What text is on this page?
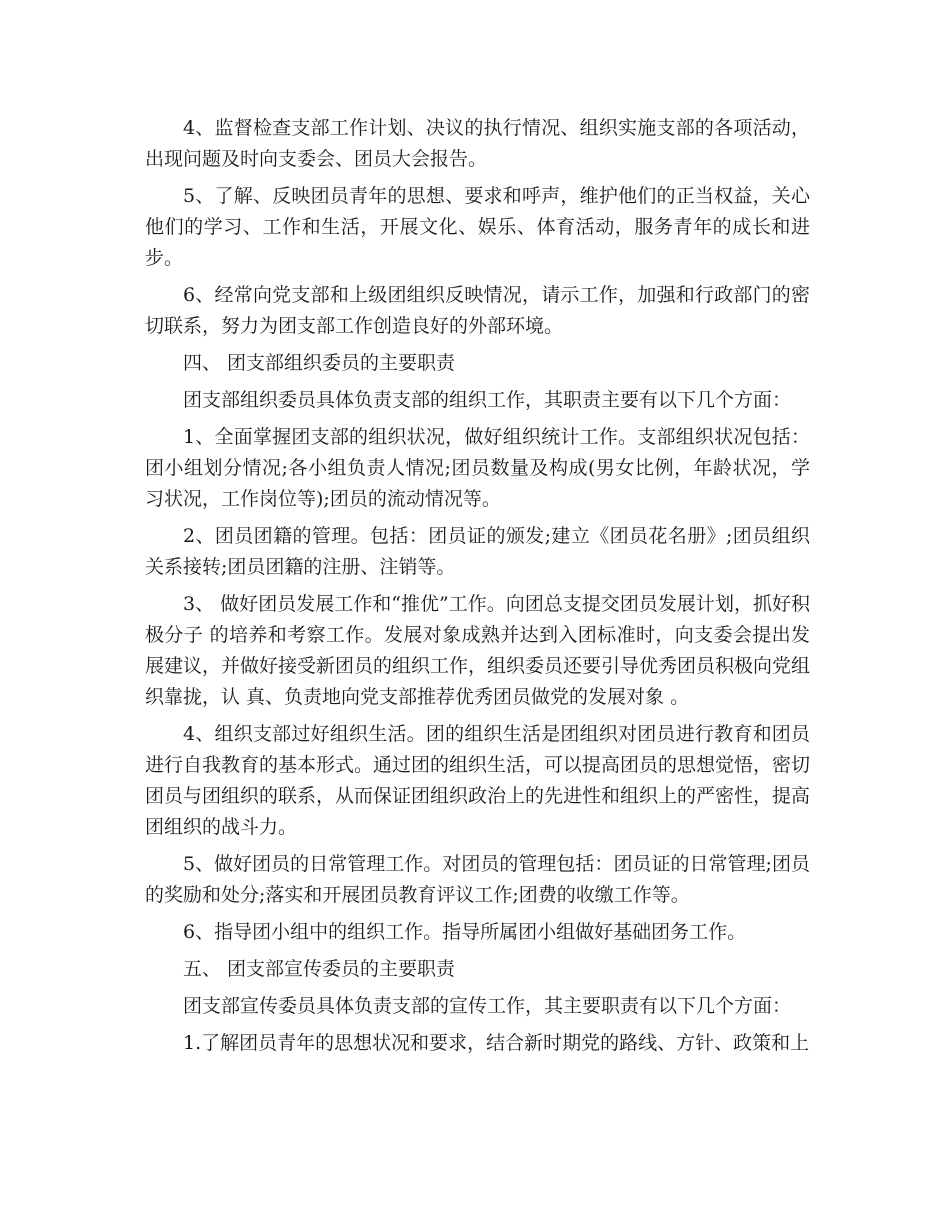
4、监督检查支部工作计划、决议的执行情况、组织实施支部的各项活动，出现问题及时向支委会、团员大会报告。

5、了解、反映团员青年的思想、要求和呼声，维护他们的正当权益，关心他们的学习、工作和生活，开展文化、娱乐、体育活动，服务青年的成长和进步。

6、经常向党支部和上级团组织反映情况，请示工作，加强和行政部门的密切联系，努力为团支部工作创造良好的外部环境。

四、 团支部组织委员的主要职责

团支部组织委员具体负责支部的组织工作，其职责主要有以下几个方面：

1、全面掌握团支部的组织状况，做好组织统计工作。支部组织状况包括：团小组划分情况;各小组负责人情况;团员数量及构成(男女比例，年龄状况，学习状况，工作岗位等);团员的流动情况等。

2、团员团籍的管理。包括：团员证的颁发;建立《团员花名册》;团员组织关系接转;团员团籍的注册、注销等。

3、 做好团员发展工作和“推优”工作。向团总支提交团员发展计划，抓好积极分子 的培养和考察工作。发展对象成熟并达到入团标准时，向支委会提出发展建议，并做好接受新团员的组织工作，组织委员还要引导优秀团员积极向党组织靠拢，认 真、负责地向党支部推荐优秀团员做党的发展对象 。

4、组织支部过好组织生活。团的组织生活是团组织对团员进行教育和团员进行自我教育的基本形式。通过团的组织生活，可以提高团员的思想觉悟，密切团员与团组织的联系，从而保证团组织政治上的先进性和组织上的严密性，提高团组织的战斗力。

5、做好团员的日常管理工作。对团员的管理包括：团员证的日常管理;团员的奖励和处分;落实和开展团员教育评议工作;团费的收缴工作等。

6、指导团小组中的组织工作。指导所属团小组做好基础团务工作。

五、 团支部宣传委员的主要职责

团支部宣传委员具体负责支部的宣传工作，其主要职责有以下几个方面：

1.了解团员青年的思想状况和要求，结合新时期党的路线、方针、政策和上
